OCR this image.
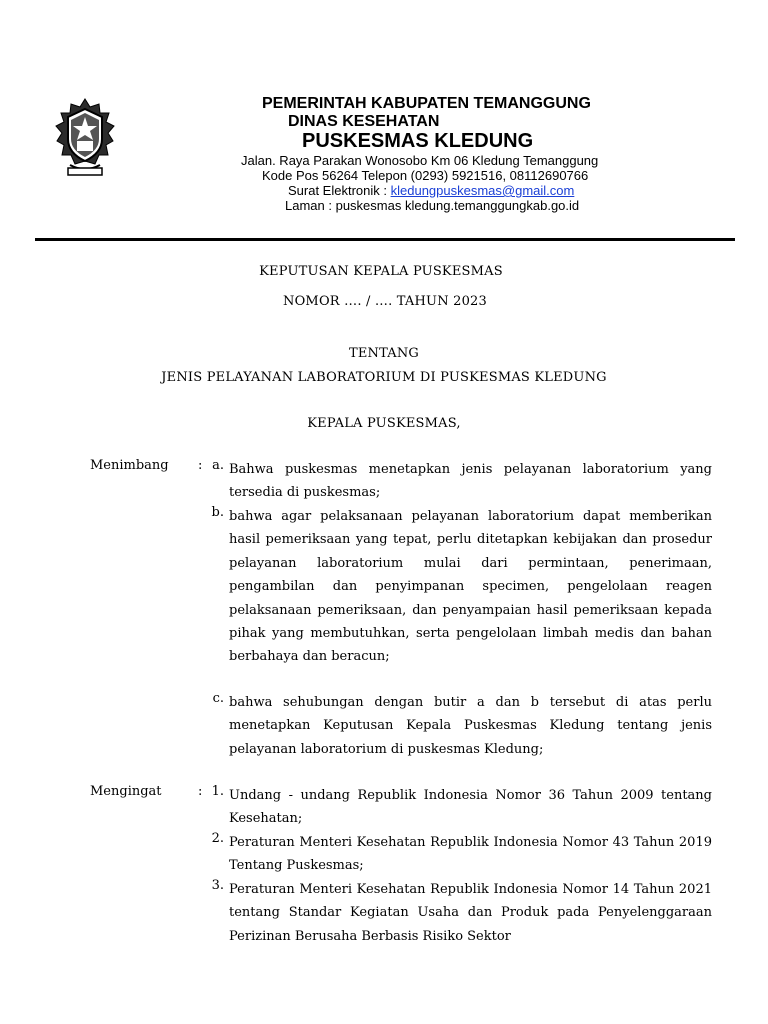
PEMERINTAH KABUPATEN TEMANGGUNG
DINAS KESEHATAN
PUSKESMAS KLEDUNG
Jalan. Raya Parakan Wonosobo Km 06 Kledung Temanggung
Kode Pos 56264 Telepon (0293) 5921516, 08112690766
Surat Elektronik : kledungpuskesmas@gmail.com
Laman : puskesmas kledung.temanggungkab.go.id
KEPUTUSAN KEPALA PUSKESMAS
NOMOR …. / …. TAHUN 2023
TENTANG
JENIS PELAYANAN LABORATORIUM DI PUSKESMAS KLEDUNG
KEPALA PUSKESMAS,
Menimbang : a. Bahwa puskesmas menetapkan jenis pelayanan laboratorium yang tersedia di puskesmas;
b. bahwa agar pelaksanaan pelayanan laboratorium dapat memberikan hasil pemeriksaan yang tepat, perlu ditetapkan kebijakan dan prosedur pelayanan laboratorium mulai dari permintaan, penerimaan, pengambilan dan penyimpanan specimen, pengelolaan reagen pelaksanaan pemeriksaan, dan penyampaian hasil pemeriksaan kepada pihak yang membutuhkan, serta pengelolaan limbah medis dan bahan berbahaya dan beracun;
c. bahwa sehubungan dengan butir a dan b tersebut di atas perlu menetapkan Keputusan Kepala Puskesmas Kledung tentang jenis pelayanan laboratorium di puskesmas Kledung;
Mengingat	: 1. Undang - undang Republik Indonesia Nomor 36 Tahun 2009 tentang Kesehatan;
2. Peraturan Menteri Kesehatan Republik Indonesia Nomor 43 Tahun 2019 Tentang Puskesmas;
3. Peraturan Menteri Kesehatan Republik Indonesia Nomor 14 Tahun 2021 tentang Standar Kegiatan Usaha dan Produk pada Penyelenggaraan Perizinan Berusaha Berbasis Risiko Sektor
